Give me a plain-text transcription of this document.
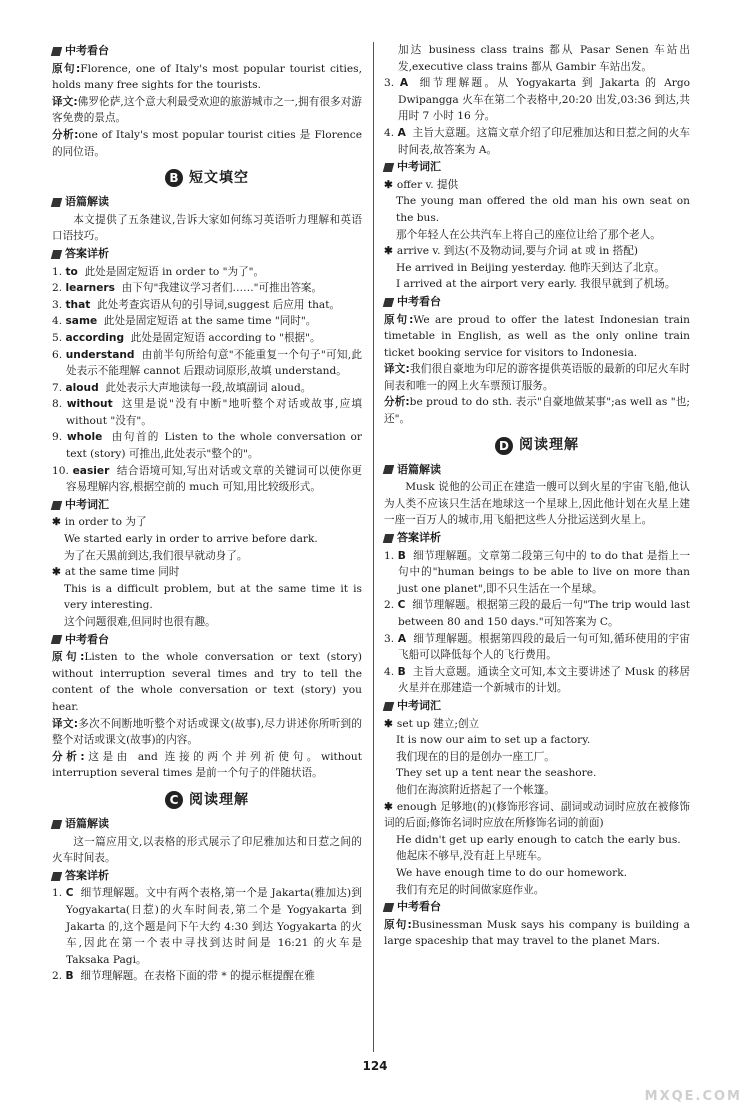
中考看台

原句:Florence, one of Italy's most popular tourist cities, holds many free sights for the tourists.

译文:佛罗伦萨,这个意大利最受欢迎的旅游城市之一,拥有很多对游客免费的景点。

分析:one of Italy's most popular tourist cities 是 Florence 的同位语。

B 短文填空
语篇解读

本文提供了五条建议,告诉大家如何练习英语听力理解和英语口语技巧。

答案详析

1. to 此处是固定短语 in order to "为了"。

2. learners 由下句"我建议学习者们……"可推出答案。

3. that 此处考查宾语从句的引导词,suggest 后应用 that。

4. same 此处是固定短语 at the same time "同时"。

5. according 此处是固定短语 according to "根据"。

6. understand 由前半句所给句意"不能重复一个句子"可知,此处表示不能理解 cannot 后跟动词原形,故填 understand。

7. aloud 此处表示大声地读每一段,故填副词 aloud。

8. without 这里是说"没有中断"地听整个对话或故事,应填 without "没有"。

9. whole 由句首的 Listen to the whole conversation or text (story) 可推出,此处表示"整个的"。

10. easier 结合语境可知,写出对话或文章的关键词可以使你更容易理解内容,根据空前的 much 可知,用比较级形式。

中考词汇

✱ in order to 为了

We started early in order to arrive before dark.

为了在天黑前到达,我们很早就动身了。

✱ at the same time 同时

This is a difficult problem, but at the same time it is very interesting.

这个问题很难,但同时也很有趣。

中考看台

原句:Listen to the whole conversation or text (story) without interruption several times and try to tell the content of the whole conversation or text (story) you hear.

译文:多次不间断地听整个对话或课文(故事),尽力讲述你所听到的整个对话或课文(故事)的内容。

分析:这是由 and 连接的两个并列祈使句。without interruption several times 是前一个句子的伴随状语。

C 阅读理解
语篇解读

这一篇应用文,以表格的形式展示了印尼雅加达和日惹之间的火车时间表。

答案详析

1. C 细节理解题。文中有两个表格,第一个是 Jakarta(雅加达)到 Yogyakarta(日惹)的火车时间表,第二个是 Yogyakarta 到 Jakarta 的,这个题是问下午大约 4:30 到达 Yogyakarta 的火车,因此在第一个表中寻找到达时间是 16:21 的火车是 Taksaka Pagi。

2. B 细节理解题。在表格下面的带 * 的提示框提醒在雅

加达 business class trains 都从 Pasar Senen 车站出发,executive class trains 都从 Gambir 车站出发。

3. A 细节理解题。从 Yogyakarta 到 Jakarta 的 Argo Dwipangga 火车在第二个表格中,20:20 出发,03:36 到达,共用时 7 小时 16 分。

4. A 主旨大意题。这篇文章介绍了印尼雅加达和日惹之间的火车时间表,故答案为 A。

中考词汇

✱ offer v. 提供

The young man offered the old man his own seat on the bus.

那个年轻人在公共汽车上将自己的座位让给了那个老人。

✱ arrive v. 到达(不及物动词,要与介词 at 或 in 搭配)

He arrived in Beijing yesterday. 他昨天到达了北京。

I arrived at the airport very early. 我很早就到了机场。

中考看台

原句:We are proud to offer the latest Indonesian train timetable in English, as well as the only online train ticket booking service for visitors to Indonesia.

译文:我们很自豪地为印尼的游客提供英语版的最新的印尼火车时间表和唯一的网上火车票预订服务。

分析:be proud to do sth. 表示"自豪地做某事";as well as "也;还"。

D 阅读理解
语篇解读

Musk 说他的公司正在建造一艘可以到火星的宇宙飞船,他认为人类不应该只生活在地球这一个星球上,因此他计划在火星上建一座一百万人的城市,用飞船把这些人分批运送到火星上。

答案详析

1. B 细节理解题。文章第二段第三句中的 to do that 是指上一句中的"human beings to be able to live on more than just one planet",即不只生活在一个星球。

2. C 细节理解题。根据第三段的最后一句"The trip would last between 80 and 150 days."可知答案为 C。

3. A 细节理解题。根据第四段的最后一句可知,循环使用的宇宙飞船可以降低每个人的飞行费用。

4. B 主旨大意题。通读全文可知,本文主要讲述了 Musk 的移居火星并在那建造一个新城市的计划。

中考词汇

✱ set up 建立;创立

It is now our aim to set up a factory.

我们现在的目的是创办一座工厂。

They set up a tent near the seashore.

他们在海滨附近搭起了一个帐篷。

✱ enough 足够地(的)(修饰形容词、副词或动词时应放在被修饰词的后面;修饰名词时应放在所修饰名词的前面)

He didn't get up early enough to catch the early bus.

他起床不够早,没有赶上早班车。

We have enough time to do our homework.

我们有充足的时间做家庭作业。

中考看台

原句:Businessman Musk says his company is building a large spaceship that may travel to the planet Mars.

124
MXQE.COM
